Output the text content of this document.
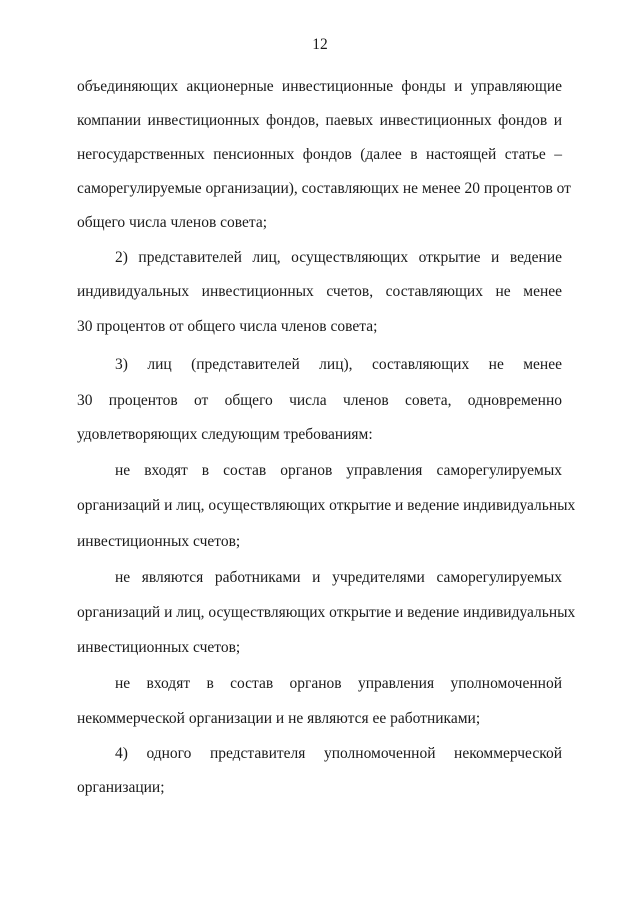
12
объединяющих акционерные инвестиционные фонды и управляющие
компании инвестиционных фондов, паевых инвестиционных фондов и
негосударственных пенсионных фондов (далее в настоящей статье –
саморегулируемые организации), составляющих не менее 20 процентов от
общего числа членов совета;
2) представителей лиц, осуществляющих открытие и ведение
индивидуальных инвестиционных счетов, составляющих не менее
30 процентов от общего числа членов совета;
3) лиц (представителей лиц), составляющих не менее
30 процентов от общего числа членов совета, одновременно
удовлетворяющих следующим требованиям:
не входят в состав органов управления саморегулируемых
организаций и лиц, осуществляющих открытие и ведение индивидуальных
инвестиционных счетов;
не являются работниками и учредителями саморегулируемых
организаций и лиц, осуществляющих открытие и ведение индивидуальных
инвестиционных счетов;
не входят в состав органов управления уполномоченной
некоммерческой организации и не являются ее работниками;
4) одного представителя уполномоченной некоммерческой
организации;
